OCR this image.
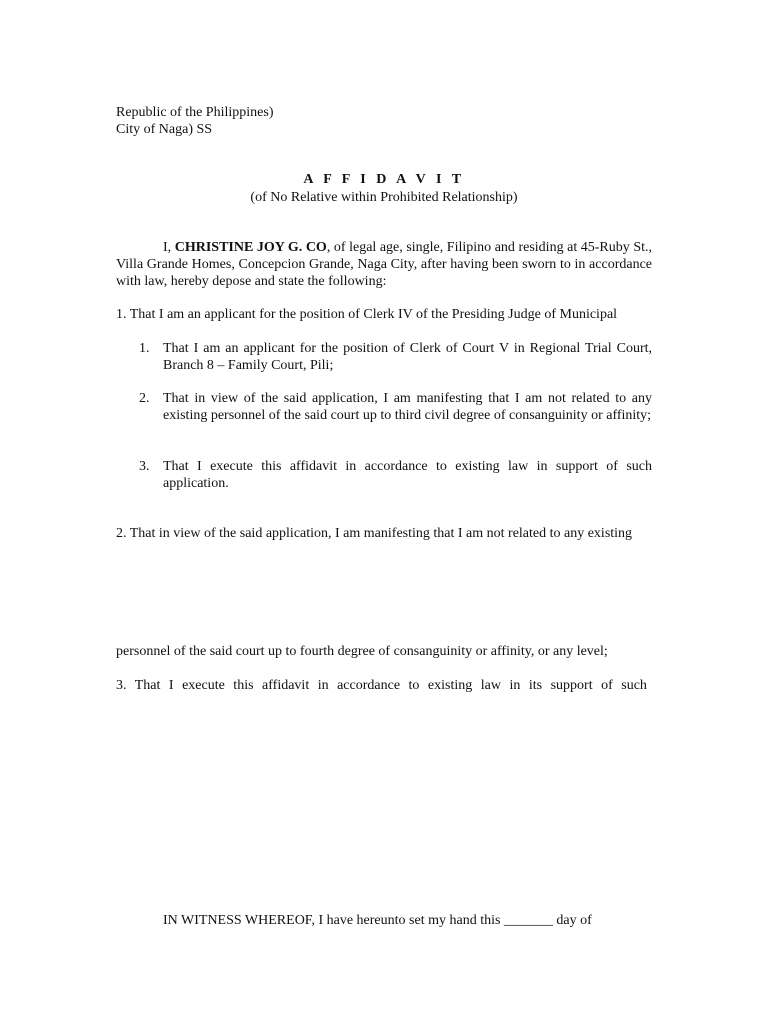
Republic of the Philippines)
City of Naga) SS
A F F I D A V I T
(of No Relative within Prohibited Relationship)
I, CHRISTINE JOY G. CO, of legal age, single, Filipino and residing at 45-Ruby St., Villa Grande Homes, Concepcion Grande, Naga City, after having been sworn to in accordance with law, hereby depose and state the following:
1. That I am an applicant for the position of Clerk IV of the Presiding Judge of Municipal
1. That I am an applicant for the position of Clerk of Court V in Regional Trial Court, Branch 8 – Family Court, Pili;
2. That in view of the said application, I am manifesting that I am not related to any existing personnel of the said court up to third civil degree of consanguinity or affinity;
3. That I execute this affidavit in accordance to existing law in support of such application.
2. That in view of the said application, I am manifesting that I am not related to any existing
personnel of the said court up to fourth degree of consanguinity or affinity, or any level;
3. That I execute this affidavit in accordance to existing law in its support of such
IN WITNESS WHEREOF, I have hereunto set my hand this _______ day of
